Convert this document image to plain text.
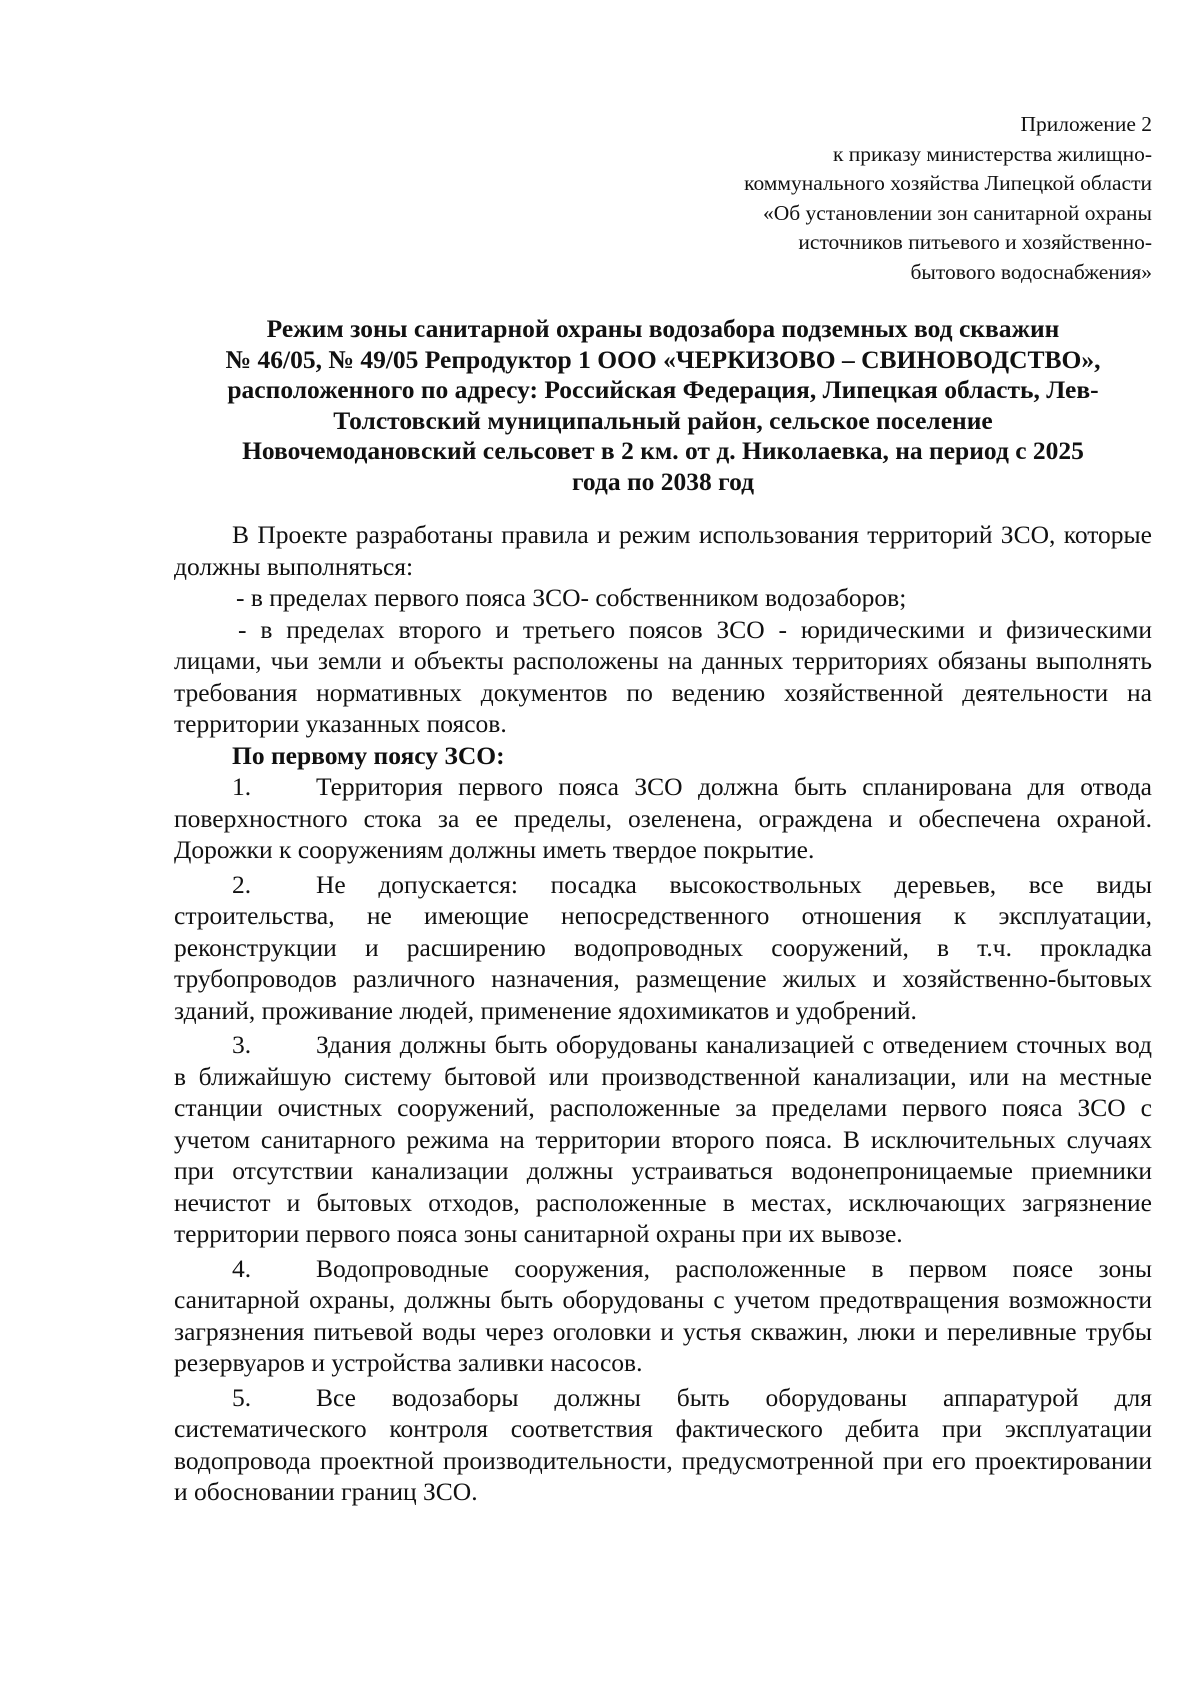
Приложение 2
к приказу министерства жилищно-
коммунального хозяйства Липецкой области
«Об установлении зон санитарной охраны
источников питьевого и хозяйственно-
бытового водоснабжения»
Режим зоны санитарной охраны водозабора подземных вод скважин
№ 46/05, № 49/05 Репродуктор 1 ООО «ЧЕРКИЗОВО – СВИНОВОДСТВО»,
расположенного по адресу: Российская Федерация, Липецкая область, Лев-
Толстовский муниципальный район, сельское поселение
Новочемодановский сельсовет в 2 км. от д. Николаевка, на период с 2025
года по 2038 год

В Проекте разработаны правила и режим использования территорий ЗСО, которые должны выполняться:

- в пределах первого пояса ЗСО- собственником водозаборов;

- в пределах второго и третьего поясов ЗСО - юридическими и физическими лицами, чьи земли и объекты расположены на данных территориях обязаны выполнять требования нормативных документов по ведению хозяйственной деятельности на территории указанных поясов.

По первому поясу ЗСО:

1.	Территория первого пояса ЗСО должна быть спланирована для отвода поверхностного стока за ее пределы, озеленена, ограждена и обеспечена охраной. Дорожки к сооружениям должны иметь твердое покрытие.

2.	Не допускается: посадка высокоствольных деревьев, все виды строительства, не имеющие непосредственного отношения к эксплуатации, реконструкции и расширению водопроводных сооружений, в т.ч. прокладка трубопроводов различного назначения, размещение жилых и хозяйственно-бытовых зданий, проживание людей, применение ядохимикатов и удобрений.

3.	Здания должны быть оборудованы канализацией с отведением сточных вод в ближайшую систему бытовой или производственной канализации, или на местные станции очистных сооружений, расположенные за пределами первого пояса ЗСО с учетом санитарного режима на территории второго пояса. В исключительных случаях при отсутствии канализации должны устраиваться водонепроницаемые приемники нечистот и бытовых отходов, расположенные в местах, исключающих загрязнение территории первого пояса зоны санитарной охраны при их вывозе.

4.	Водопроводные сооружения, расположенные в первом поясе зоны санитарной охраны, должны быть оборудованы с учетом предотвращения возможности загрязнения питьевой воды через оголовки и устья скважин, люки и переливные трубы резервуаров и устройства заливки насосов.

5.	Все водозаборы должны быть оборудованы аппаратурой для систематического контроля соответствия фактического дебита при эксплуатации водопровода проектной производительности, предусмотренной при его проектировании и обосновании границ ЗСО.
